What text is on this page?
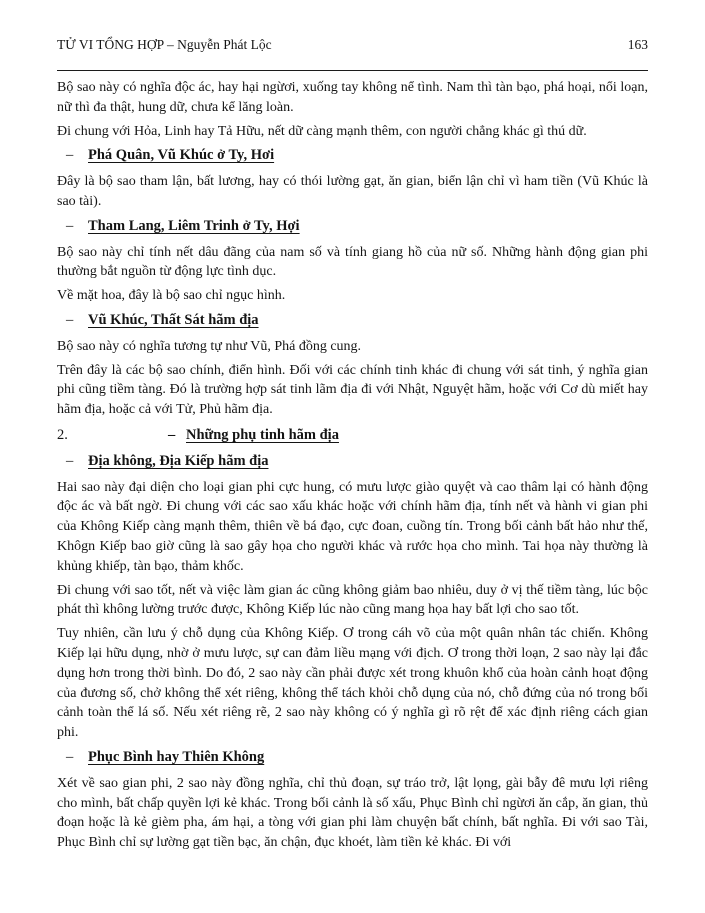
TỬ VI TỔNG HỢP – Nguyễn Phát Lộc	163

Bộ sao này có nghĩa độc ác, hay hại ngừơi, xuống tay không nể tình. Nam thì tàn bạo, phá hoại, nổi loạn, nữ thì đa thật, hung dữ, chưa kể lăng loàn.

Đi chung với Hỏa, Linh hay Tả Hữu, nết dữ càng mạnh thêm, con người chẳng khác gì thú dữ.

– Phá Quân, Vũ Khúc ở Ty, Hơi

Đây là bộ sao tham lận, bất lương, hay có thói lường gạt, ăn gian, biển lận chỉ vì ham tiền (Vũ Khúc là sao tài).

– Tham Lang, Liêm Trinh ở Ty, Hợi

Bộ sao này chỉ tính nết dâu đãng của nam số và tính giang hồ của nữ số. Những hành động gian phi thường bắt nguồn từ động lực tình dục.

Về mặt hoa, đây là bộ sao chỉ ngục hình.

– Vũ Khúc, Thất Sát hãm địa

Bộ sao này có nghĩa tương tự như Vũ, Phá đồng cung.

Trên đây là các bộ sao chính, điển hình. Đối với các chính tinh khác đi chung với sát tinh, ý nghĩa gian phi cũng tiềm tàng. Đó là trường hợp sát tinh lãm địa đi với Nhật, Nguyệt hãm, hoặc với Cơ dù miết hay hãm địa, hoặc cả với Tử, Phủ hãm địa.

2.	– Những phụ tinh hãm địa
– Địa không, Địa Kiếp hãm địa

Hai sao này đại diện cho loại gian phi cực hung, có mưu lược giào quyệt và cao thâm lại có hành động độc ác và bất ngờ. Đi chung với các sao xấu khác hoặc với chính hãm địa, tính nết và hành vi gian phi của Không Kiếp càng mạnh thêm, thiên về bá đạo, cực đoan, cuồng tín. Trong bối cảnh bất hảo như thế, Khôgn Kiếp bao giờ cũng là sao gây họa cho người khác và rước họa cho mình. Tai họa này thường là khủng khiếp, tàn bạo, thảm khốc.

Đi chung với sao tốt, nết và việc làm gian ác cũng không giảm bao nhiêu, duy ở vị thế tiềm tàng, lúc bộc phát thì không lường trước được, Không Kiếp lúc nào cũng mang họa hay bất lợi cho sao tốt.

Tuy nhiên, cần lưu ý chỗ dụng của Không Kiếp. Ơ trong cáh võ của một quân nhân tác chiến. Không Kiếp lại hữu dụng, nhờ ở mưu lược, sự can đảm liều mạng với địch. Ơ trong thời loạn, 2 sao này lại đắc dụng hơn trong thời bình. Do đó, 2 sao này cần phải được xét trong khuôn khổ của hoàn cảnh hoạt động của đương số, chở không thể xét riêng, không thể tách khỏi chỗ dụng của nó, chỗ đứng của nó trong bối cảnh toàn thể lá số. Nếu xét riêng rẽ, 2 sao này không có ý nghĩa gì rõ rệt để xác định riêng cách gian phi.

– Phục Bình hay Thiên Không

Xét về sao gian phi, 2 sao này đồng nghĩa, chỉ thủ đoạn, sự tráo trở, lật lọng, gài bẫy đê mưu lợi riêng cho mình, bất chấp quyền lợi kẻ khác. Trong bối cảnh là số xấu, Phục Bình chỉ ngừơi ăn cắp, ăn gian, thủ đoạn hoặc là kẻ gièm pha, ám hại, a tòng với gian phi làm chuyện bất chính, bất nghĩa. Đi với sao Tài, Phục Bình chỉ sự lường gạt tiền bạc, ăn chận, đục khoét, làm tiền kẻ khác. Đi với
